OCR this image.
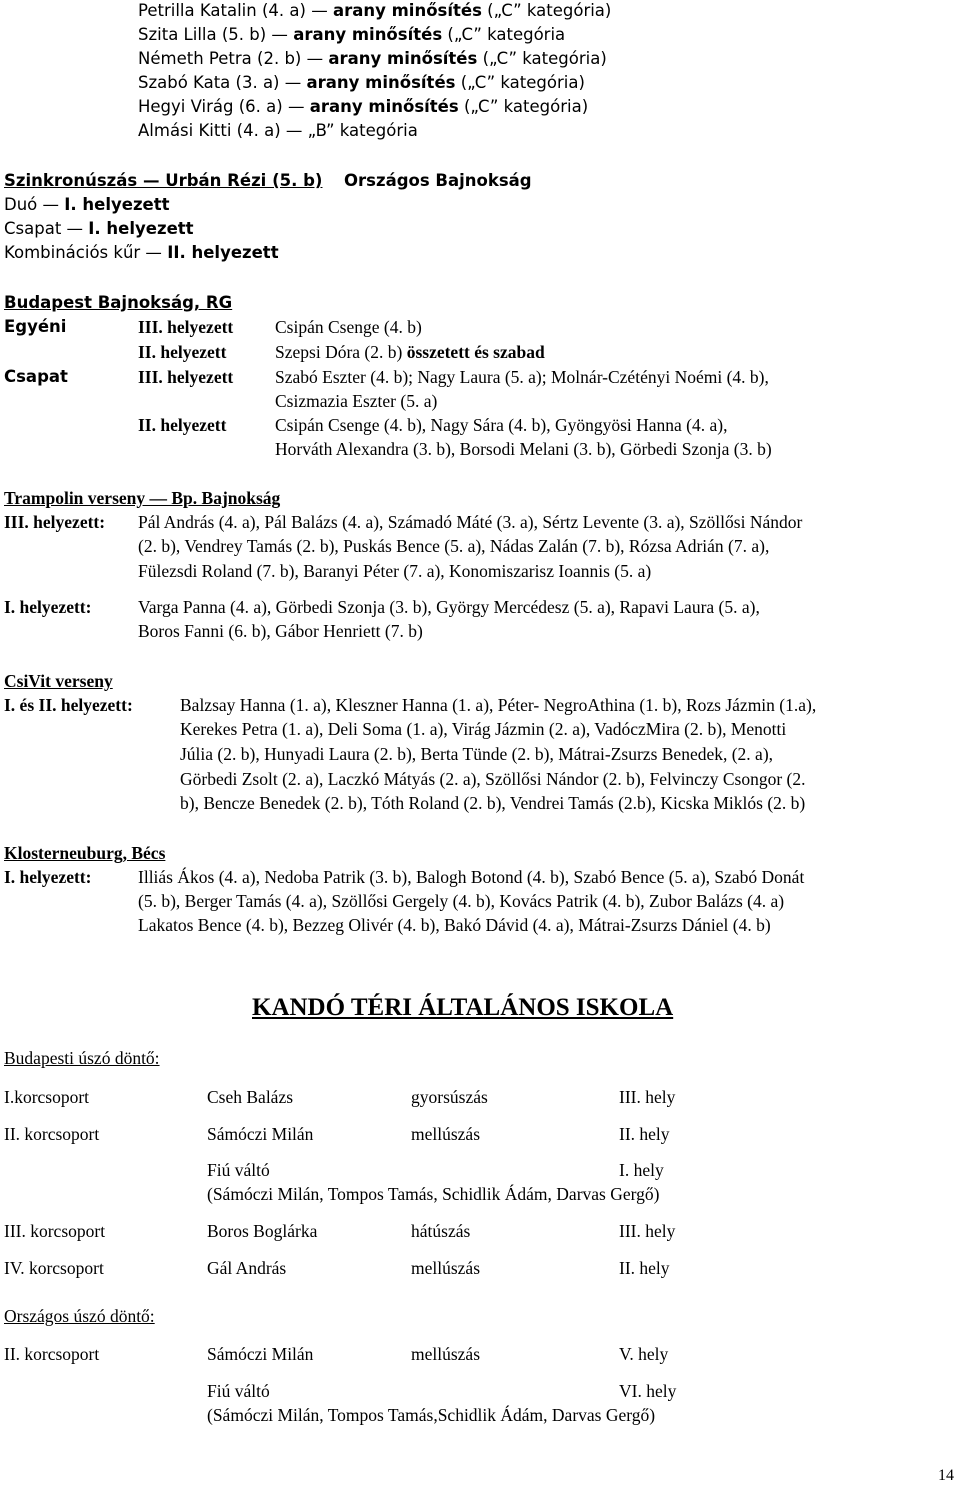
Petrilla Katalin (4. a) — arany minősítés („C” kategória)
Szita Lilla (5. b) — arany minősítés („C” kategória
Németh Petra (2. b) — arany minősítés („C” kategória)
Szabó Kata (3. a) — arany minősítés („C” kategória)
Hegyi Virág (6. a) — arany minősítés („C” kategória)
Almási Kitti (4. a) — „B” kategória
Szinkronúszás — Urbán Rézi (5. b) Országos Bajnokság
Duó — I. helyezett
Csapat — I. helyezett
Kombinációs kűr — II. helyezett
Budapest Bajnokság, RG
Egyéni	III. helyezett Csipán Csenge (4. b)
II. helyezett	Szepsi Dóra (2. b) összetett és szabad
Csapat	III. helyezett Szabó Eszter (4. b); Nagy Laura (5. a); Molnár-Czétényi Noémi (4. b),
Csizmazia Eszter (5. a)
II. helyezett	Csipán Csenge (4. b), Nagy Sára (4. b), Gyöngyösi Hanna (4. a),
Horváth Alexandra (3. b), Borsodi Melani (3. b), Görbedi Szonja (3. b)
Trampolin verseny — Bp. Bajnokság
III. helyezett: Pál András (4. a), Pál Balázs (4. a), Számadó Máté (3. a), Sértz Levente (3. a), Szöllősi Nándor
(2. b), Vendrey Tamás (2. b), Puskás Bence (5. a), Nádas Zalán (7. b), Rózsa Adrián (7. a),
Fülezsdi Roland (7. b), Baranyi Péter (7. a), Konomiszarisz Ioannis (5. a)
I. helyezett:	Varga Panna (4. a), Görbedi Szonja (3. b), György Mercédesz (5. a), Rapavi Laura (5. a),
Boros Fanni (6. b), Gábor Henriett (7. b)
CsiVit verseny
I. és II. helyezett:	Balzsay Hanna (1. a), Kleszner Hanna (1. a), Péter- NegroAthina (1. b), Rozs Jázmin (1.a),
Kerekes Petra (1. a), Deli Soma (1. a), Virág Jázmin (2. a), VadóczMira (2. b), Menotti
Júlia (2. b), Hunyadi Laura (2. b), Berta Tünde (2. b), Mátrai-Zsurzs Benedek, (2. a),
Görbedi Zsolt (2. a), Laczkó Mátyás (2. a), Szöllősi Nándor (2. b), Felvinczy Csongor (2.
b), Bencze Benedek (2. b), Tóth Roland (2. b), Vendrei Tamás (2.b), Kicska Miklós (2. b)
Klosterneuburg, Bécs
I. helyezett:	Illiás Ákos (4. a), Nedoba Patrik (3. b), Balogh Botond (4. b), Szabó Bence (5. a), Szabó Donát
(5. b), Berger Tamás (4. a), Szöllősi Gergely (4. b), Kovács Patrik (4. b), Zubor Balázs (4. a)
Lakatos Bence (4. b), Bezzeg Olivér (4. b), Bakó Dávid (4. a), Mátrai-Zsurzs Dániel (4. b)
KANDÓ TÉRI ÁLTALÁNOS ISKOLA
Budapesti úszó döntő:
I.korcsoport	Cseh Balázs	gyorsúszás	III. hely
II. korcsoport	Sámóczi Milán	mellúszás	II. hely
Fiú váltó	I. hely
(Sámóczi Milán, Tompos Tamás, Schidlik Ádám, Darvas Gergő)
III. korcsoport	Boros Boglárka	hátúszás	III. hely
IV. korcsoport	Gál András	mellúszás	II. hely
Országos úszó döntő:
II. korcsoport	Sámóczi Milán	mellúszás	V. hely
Fiú váltó	VI. hely
(Sámóczi Milán, Tompos Tamás,Schidlik Ádám, Darvas Gergő)
14
